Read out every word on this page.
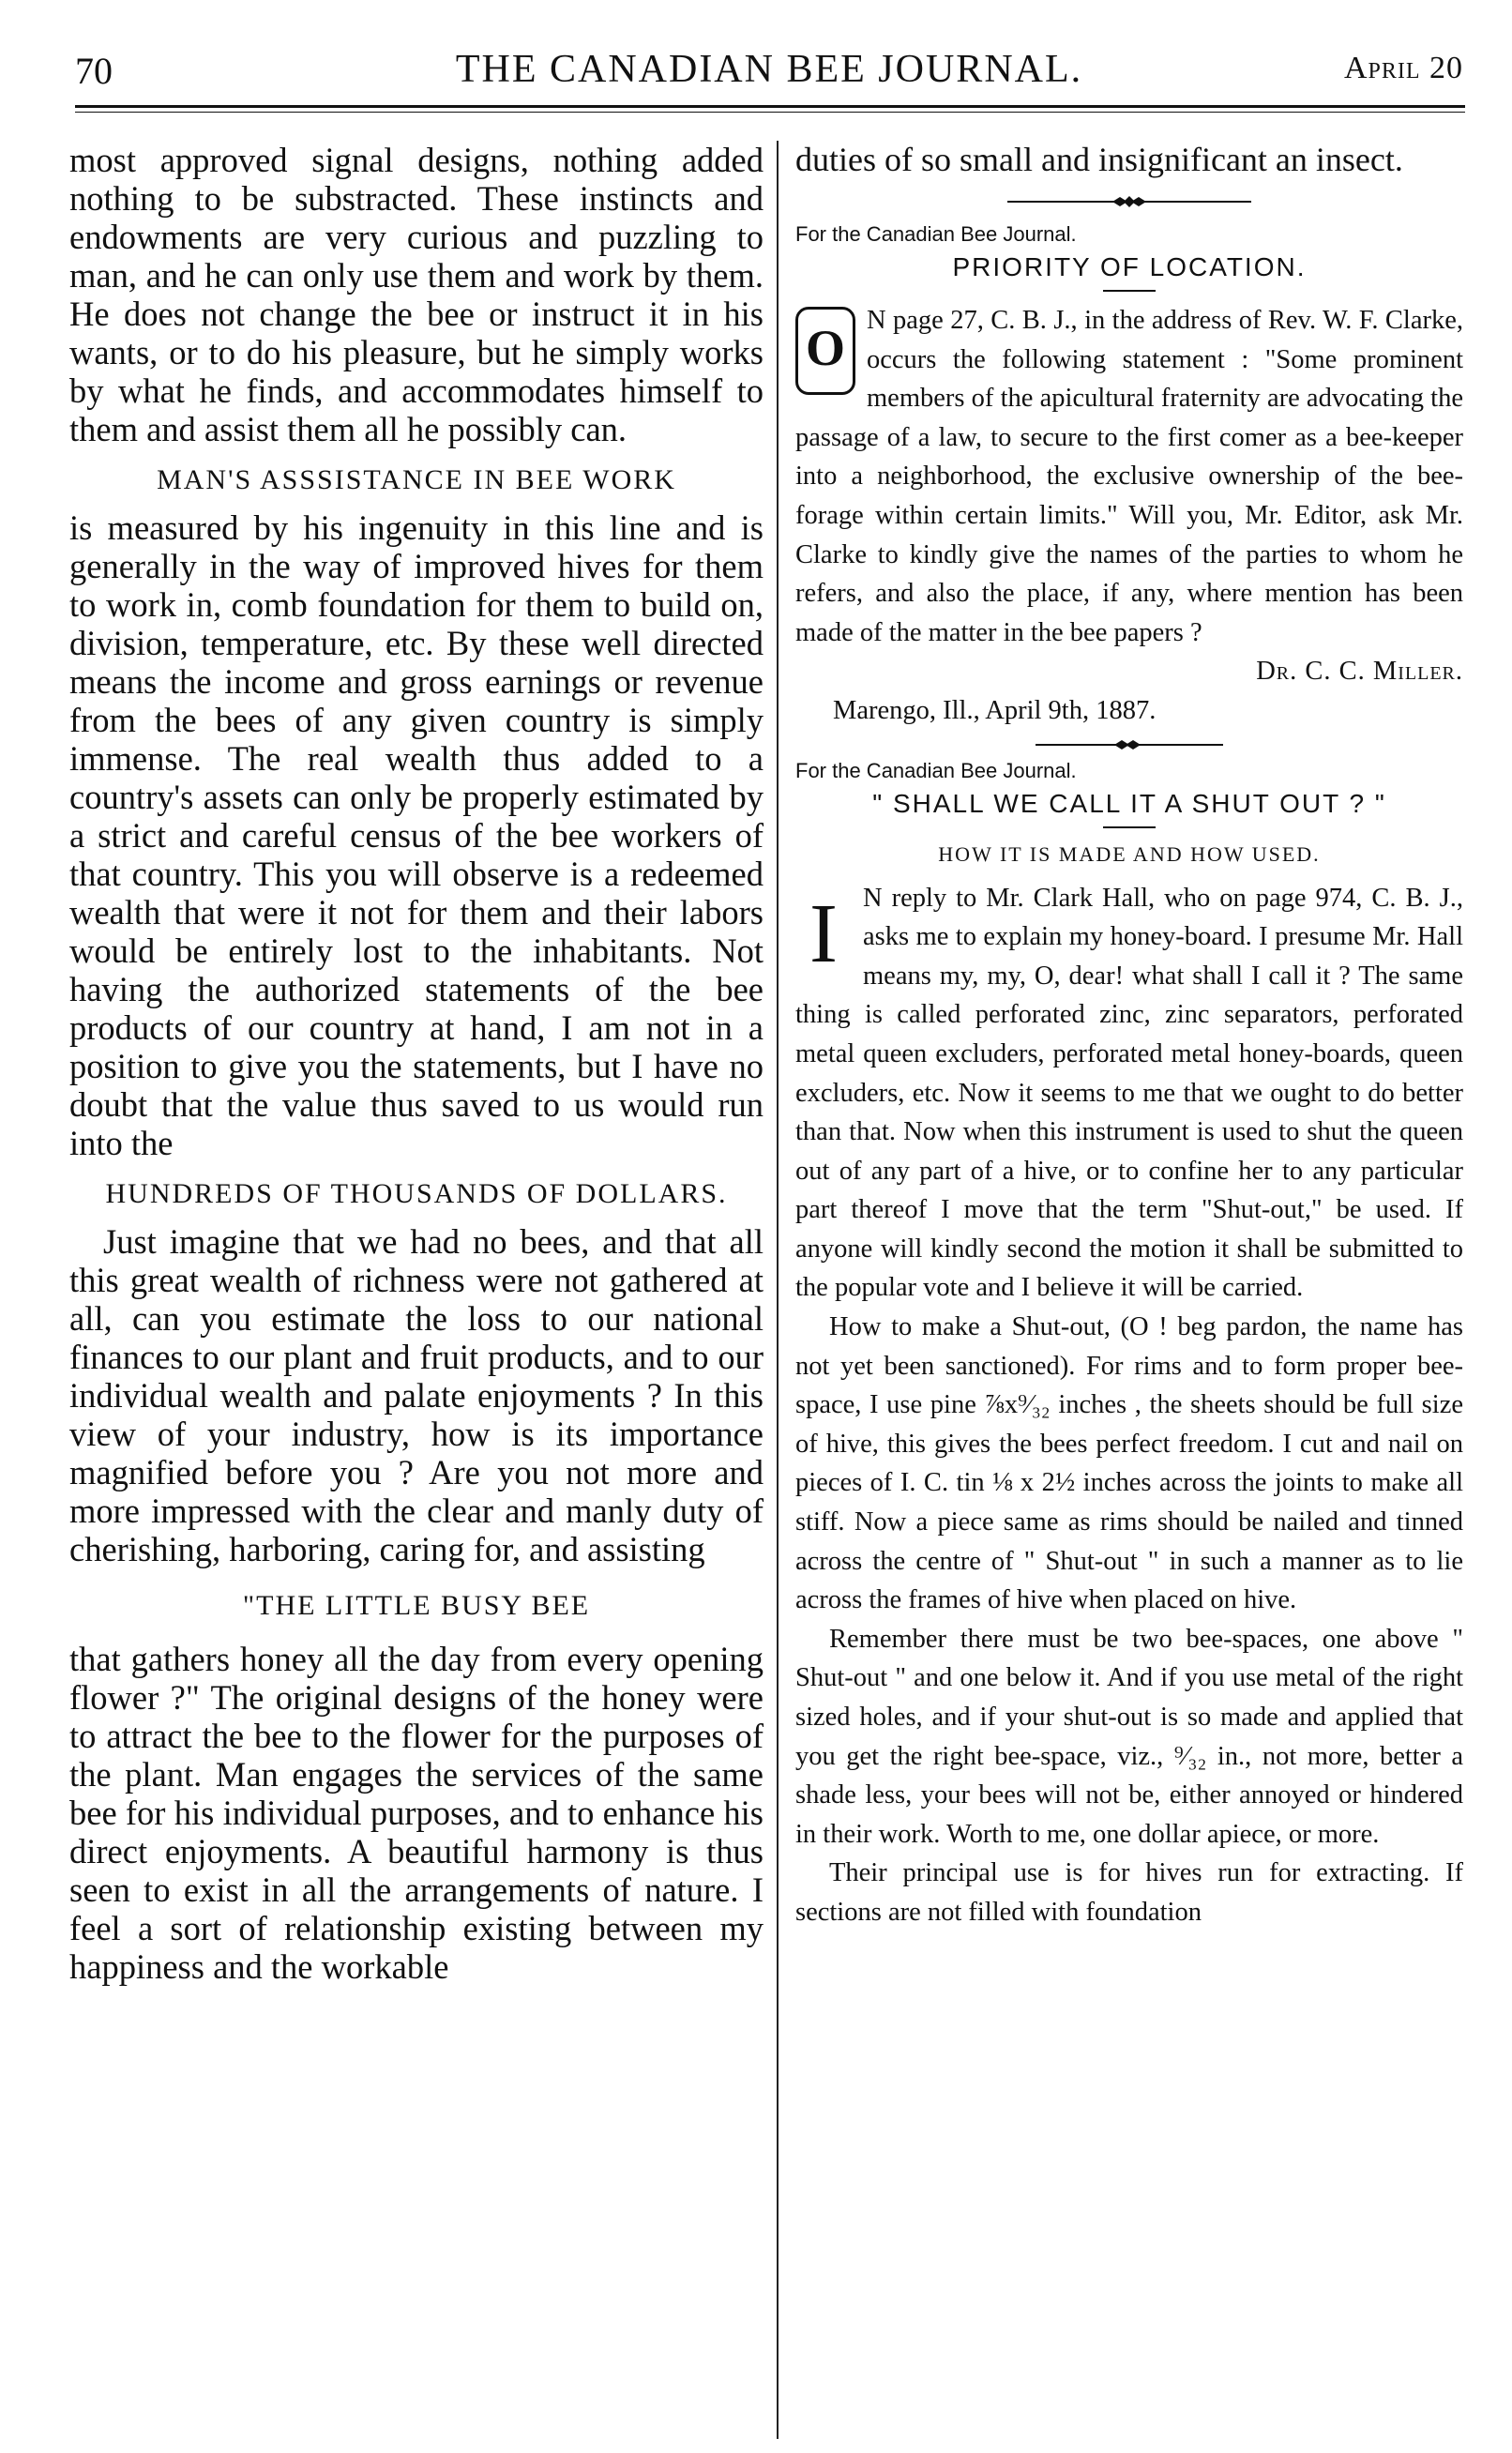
70	THE CANADIAN BEE JOURNAL.	April 20

most approved signal designs, nothing added nothing to be substracted. These instincts and endowments are very curious and puzzling to man, and he can only use them and work by them. He does not change the bee or instruct it in his wants, or to do his pleasure, but he simply works by what he finds, and accommodates himself to them and assist them all he possibly can.

MAN'S ASSSISTANCE IN BEE WORK

is measured by his ingenuity in this line and is generally in the way of improved hives for them to work in, comb foundation for them to build on, division, temperature, etc. By these well directed means the income and gross earnings or revenue from the bees of any given country is simply immense. The real wealth thus added to a country's assets can only be properly estimated by a strict and careful census of the bee workers of that country. This you will observe is a redeemed wealth that were it not for them and their labors would be entirely lost to the inhabitants. Not having the authorized statements of the bee products of our country at hand, I am not in a position to give you the statements, but I have no doubt that the value thus saved to us would run into the

HUNDREDS OF THOUSANDS OF DOLLARS.

Just imagine that we had no bees, and that all this great wealth of richness were not gathered at all, can you estimate the loss to our national finances to our plant and fruit products, and to our individual wealth and palate enjoyments ? In this view of your industry, how is its importance magnified before you ? Are you not more and more impressed with the clear and manly duty of cherishing, harboring, caring for, and assisting

"THE LITTLE BUSY BEE

that gathers honey all the day from every opening flower ?" The original designs of the honey were to attract the bee to the flower for the purposes of the plant. Man engages the services of the same bee for his individual purposes, and to enhance his direct enjoyments. A beautiful harmony is thus seen to exist in all the arrangements of nature. I feel a sort of relationship existing between my happiness and the workable

duties of so small and insignificant an insect.

For the Canadian Bee Journal.
PRIORITY OF LOCATION.
O N page 27, C. B. J., in the address of Rev. W. F. Clarke, occurs the following statement : "Some prominent members of the apicultural fraternity are advocating the passage of a law, to secure to the first comer as a bee-keeper into a neighborhood, the exclusive ownership of the bee-forage within certain limits." Will you, Mr. Editor, ask Mr. Clarke to kindly give the names of the parties to whom he refers, and also the place, if any, where mention has been made of the matter in the bee papers ?

Dr. C. C. Miller.

Marengo, Ill., April 9th, 1887.

For the Canadian Bee Journal.
" SHALL WE CALL IT A SHUT OUT ? "
HOW IT IS MADE AND HOW USED.
I N reply to Mr. Clark Hall, who on page 974, C. B. J., asks me to explain my honey-board. I presume Mr. Hall means my, my, O, dear! what shall I call it ? The same thing is called perforated zinc, zinc separators, perforated metal queen excluders, perforated metal honey-boards, queen excluders, etc. Now it seems to me that we ought to do better than that. Now when this instrument is used to shut the queen out of any part of a hive, or to confine her to any particular part thereof I move that the term "Shut-out," be used. If anyone will kindly second the motion it shall be submitted to the popular vote and I believe it will be carried.

How to make a Shut-out, (O ! beg pardon, the name has not yet been sanctioned). For rims and to form proper bee-space, I use pine ⅞x⁹⁄₃₂ inches , the sheets should be full size of hive, this gives the bees perfect freedom. I cut and nail on pieces of I. C. tin ⅛ x 2½ inches across the joints to make all stiff. Now a piece same as rims should be nailed and tinned across the centre of " Shut-out " in such a manner as to lie across the frames of hive when placed on hive.

Remember there must be two bee-spaces, one above " Shut-out " and one below it. And if you use metal of the right sized holes, and if your shut-out is so made and applied that you get the right bee-space, viz., ⁹⁄₃₂ in., not more, better a shade less, your bees will not be, either annoyed or hindered in their work. Worth to me, one dollar apiece, or more.

Their principal use is for hives run for extracting. If sections are not filled with foundation
